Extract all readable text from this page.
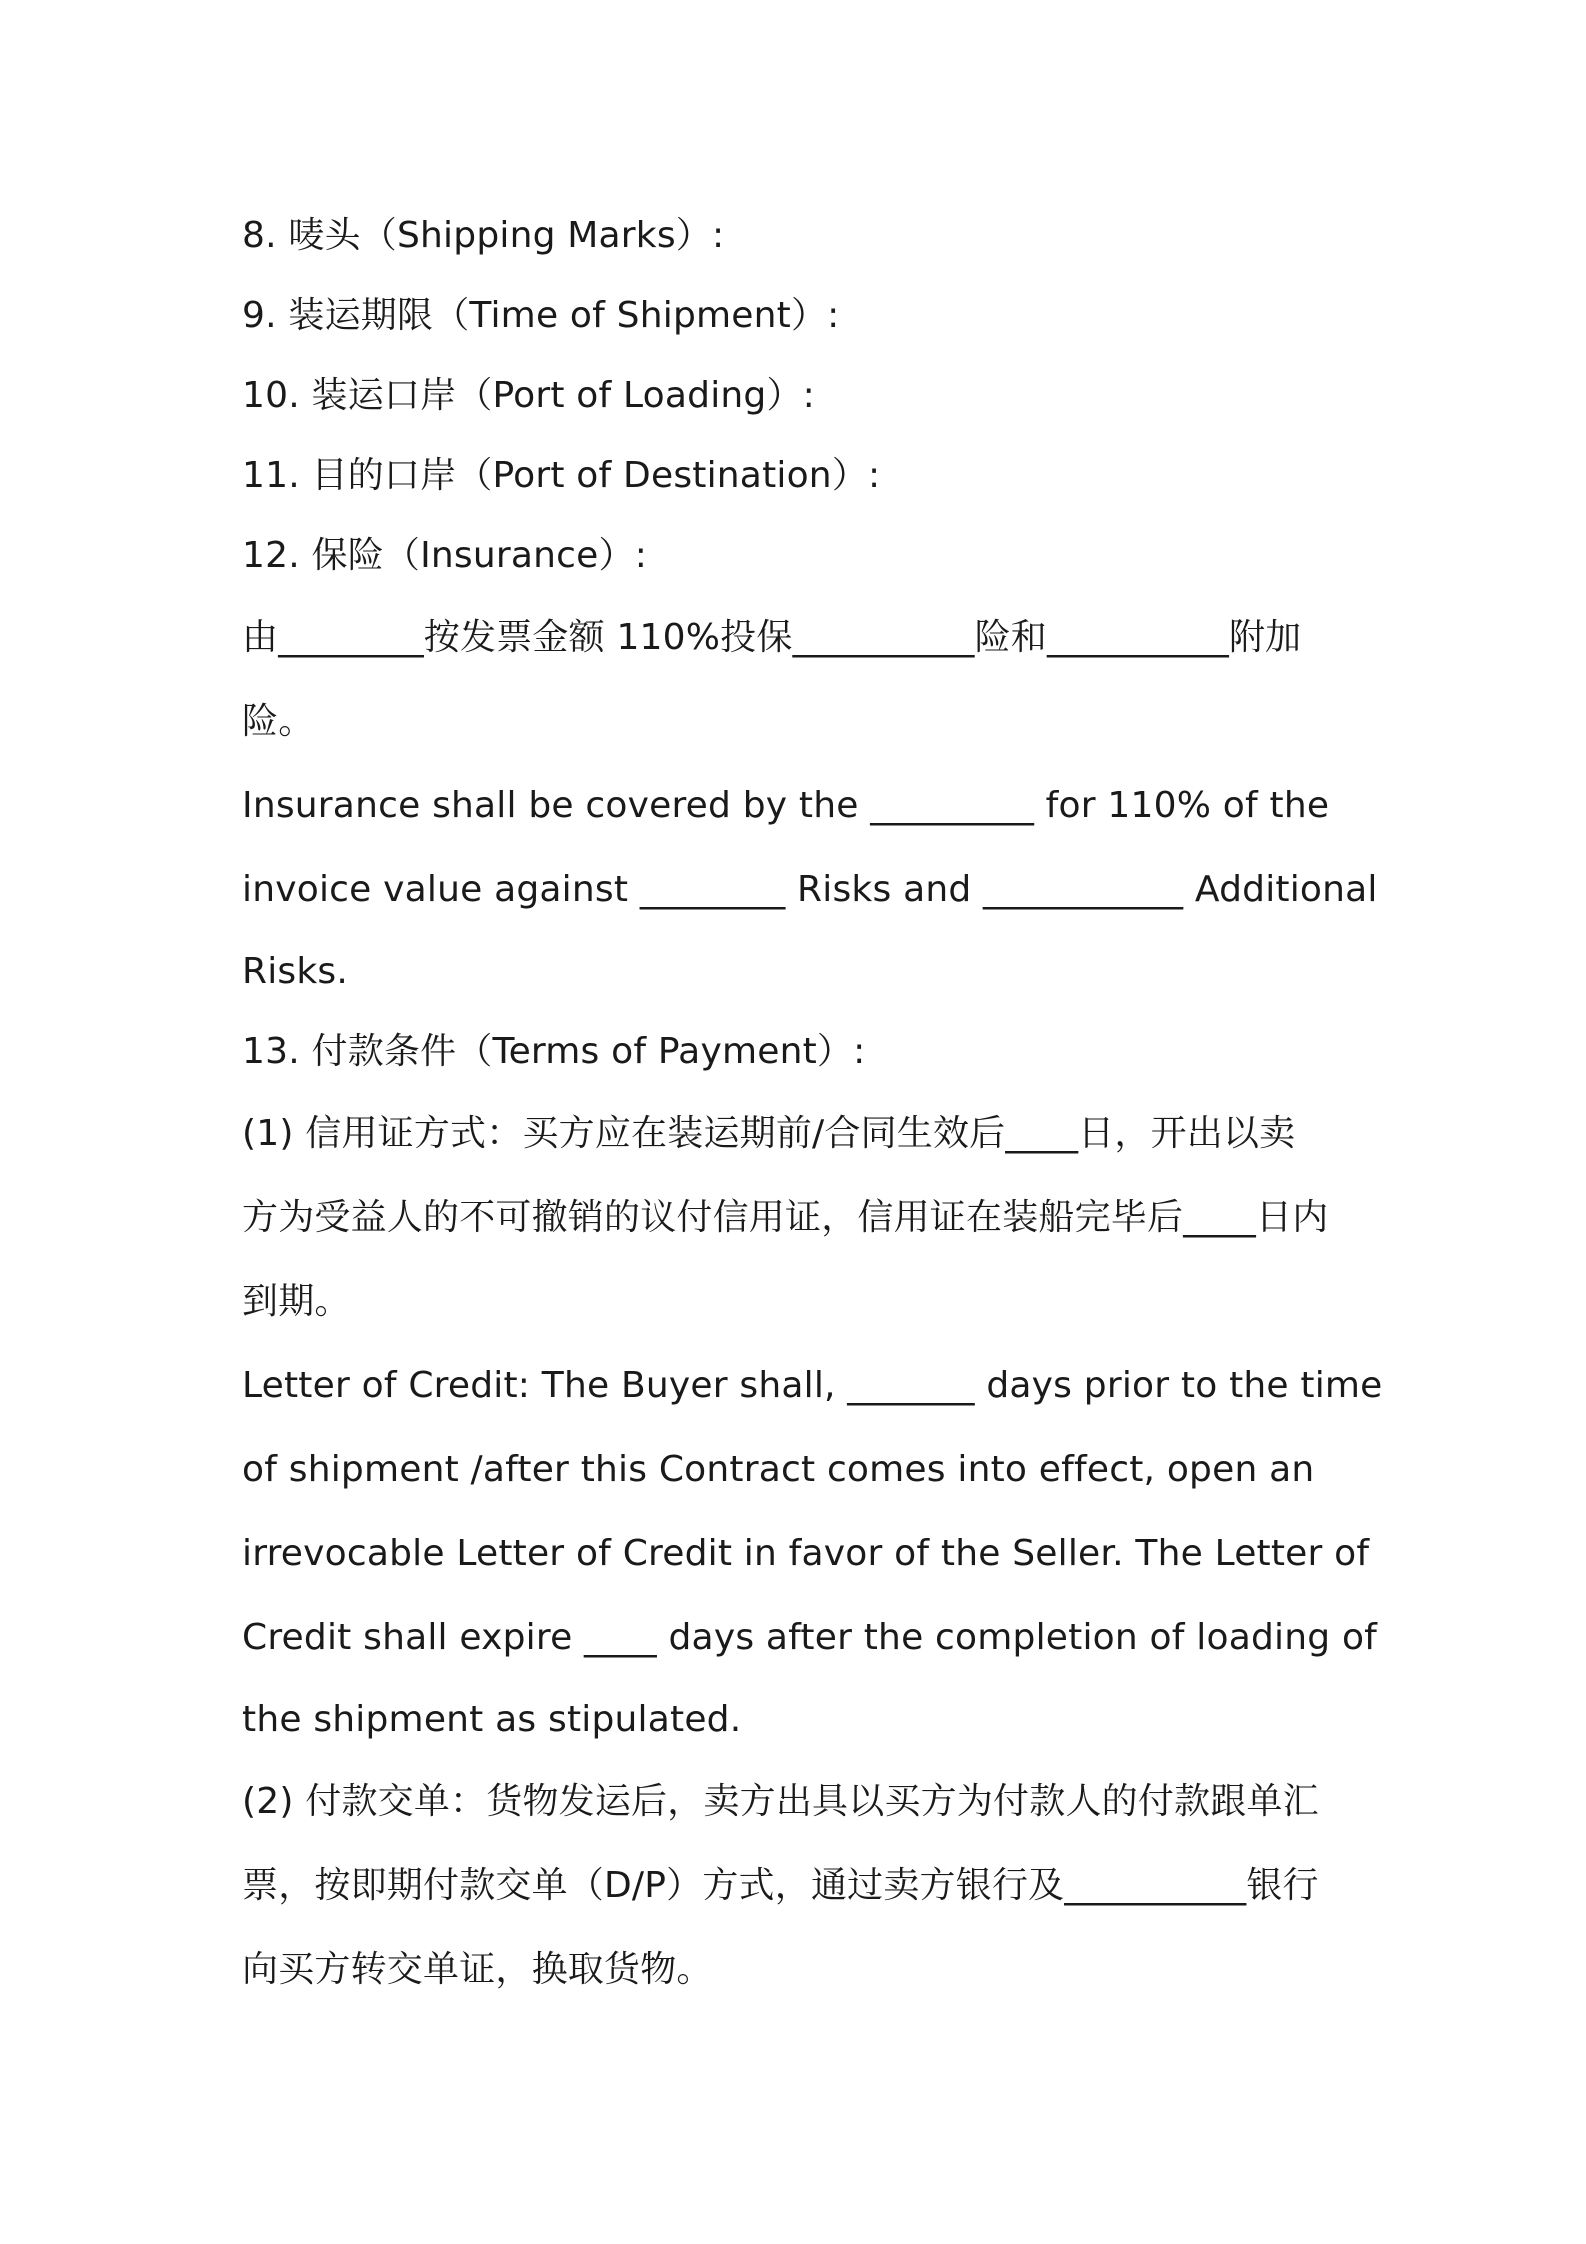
8. 唛头（Shipping Marks）:
9. 装运期限（Time of Shipment）:
10. 装运口岸（Port of Loading）:
11. 目的口岸（Port of Destination）:
12. 保险（Insurance）:
由________按发票金额 110%投保__________险和__________附加
险。
Insurance shall be covered by the _________ for 110% of the
invoice value against ________ Risks and ___________ Additional
Risks.
13. 付款条件（Terms of Payment）:
(1) 信用证方式：买方应在装运期前/合同生效后____日，开出以卖
方为受益人的不可撤销的议付信用证，信用证在装船完毕后____日内
到期。
Letter of Credit: The Buyer shall, _______ days prior to the time
of shipment /after this Contract comes into effect, open an
irrevocable Letter of Credit in favor of the Seller. The Letter of
Credit shall expire ____ days after the completion of loading of
the shipment as stipulated.
(2) 付款交单：货物发运后，卖方出具以买方为付款人的付款跟单汇
票，按即期付款交单（D/P）方式，通过卖方银行及__________银行
向买方转交单证，换取货物。
